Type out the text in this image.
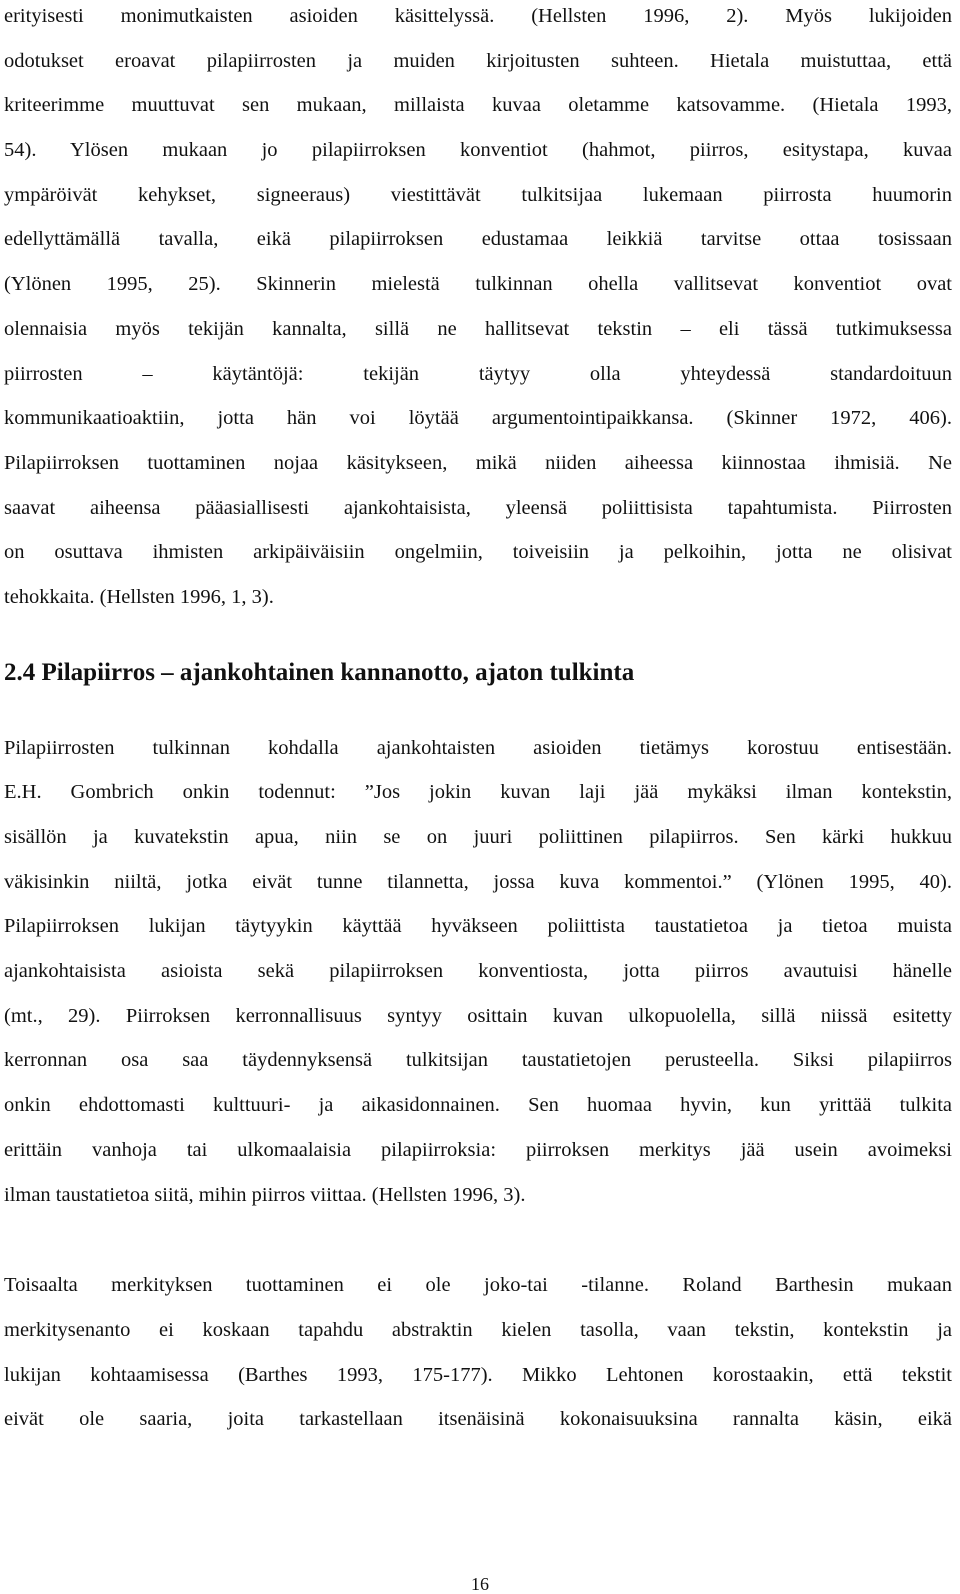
erityisesti monimutkaisten asioiden käsittelyssä. (Hellsten 1996, 2). Myös lukijoiden
odotukset eroavat pilapiirrosten ja muiden kirjoitusten suhteen. Hietala muistuttaa, että
kriteerimme muuttuvat sen mukaan, millaista kuvaa oletamme katsovamme. (Hietala 1993,
54). Ylösen mukaan jo pilapiirroksen konventiot (hahmot, piirros, esitystapa, kuvaa
ympäröivät kehykset, signeeraus) viestittävät tulkitsijaa lukemaan piirrosta huumorin
edellyttämällä tavalla, eikä pilapiirroksen edustamaa leikkiä tarvitse ottaa tosissaan
(Ylönen 1995, 25). Skinnerin mielestä tulkinnan ohella vallitsevat konventiot ovat
olennaisia myös tekijän kannalta, sillä ne hallitsevat tekstin – eli tässä tutkimuksessa
piirrosten – käytäntöjä: tekijän täytyy olla yhteydessä standardoituun
kommunikaatioaktiin, jotta hän voi löytää argumentointipaikkansa. (Skinner 1972, 406).
Pilapiirroksen tuottaminen nojaa käsitykseen, mikä niiden aiheessa kiinnostaa ihmisiä. Ne
saavat aiheensa pääasiallisesti ajankohtaisista, yleensä poliittisista tapahtumista. Piirrosten
on osuttava ihmisten arkipäiväisiin ongelmiin, toiveisiin ja pelkoihin, jotta ne olisivat
tehokkaita. (Hellsten 1996, 1, 3).
2.4 Pilapiirros – ajankohtainen kannanotto, ajaton tulkinta
Pilapiirrosten tulkinnan kohdalla ajankohtaisten asioiden tietämys korostuu entisestään.
E.H. Gombrich onkin todennut: ”Jos jokin kuvan laji jää mykäksi ilman kontekstin,
sisällön ja kuvatekstin apua, niin se on juuri poliittinen pilapiirros. Sen kärki hukkuu
väkisinkin niiltä, jotka eivät tunne tilannetta, jossa kuva kommentoi.” (Ylönen 1995, 40).
Pilapiirroksen lukijan täytyykin käyttää hyväkseen poliittista taustatietoa ja tietoa muista
ajankohtaisista asioista sekä pilapiirroksen konventiosta, jotta piirros avautuisi hänelle
(mt., 29). Piirroksen kerronnallisuus syntyy osittain kuvan ulkopuolella, sillä niissä esitetty
kerronnan osa saa täydennyksensä tulkitsijan taustatietojen perusteella. Siksi pilapiirros
onkin ehdottomasti kulttuuri- ja aikasidonnainen. Sen huomaa hyvin, kun yrittää tulkita
erittäin vanhoja tai ulkomaalaisia pilapiirroksia: piirroksen merkitys jää usein avoimeksi
ilman taustatietoa siitä, mihin piirros viittaa. (Hellsten 1996, 3).
Toisaalta merkityksen tuottaminen ei ole joko-tai -tilanne. Roland Barthesin mukaan
merkitysenanto ei koskaan tapahdu abstraktin kielen tasolla, vaan tekstin, kontekstin ja
lukijan kohtaamisessa (Barthes 1993, 175-177). Mikko Lehtonen korostaakin, että tekstit
eivät ole saaria, joita tarkastellaan itsenäisinä kokonaisuuksina rannalta käsin, eikä
16
